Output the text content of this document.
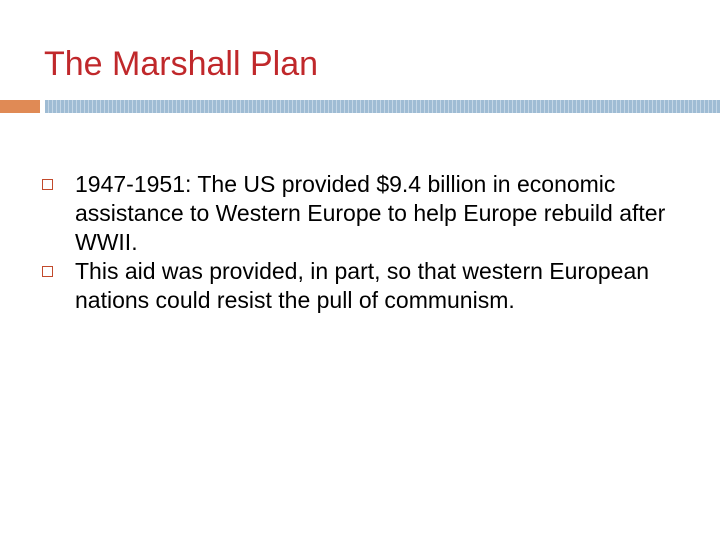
The Marshall Plan
1947-1951: The US provided $9.4 billion in economic assistance to Western Europe to help Europe rebuild after WWII.
This aid was provided, in part, so that western European nations could resist the pull of communism.
